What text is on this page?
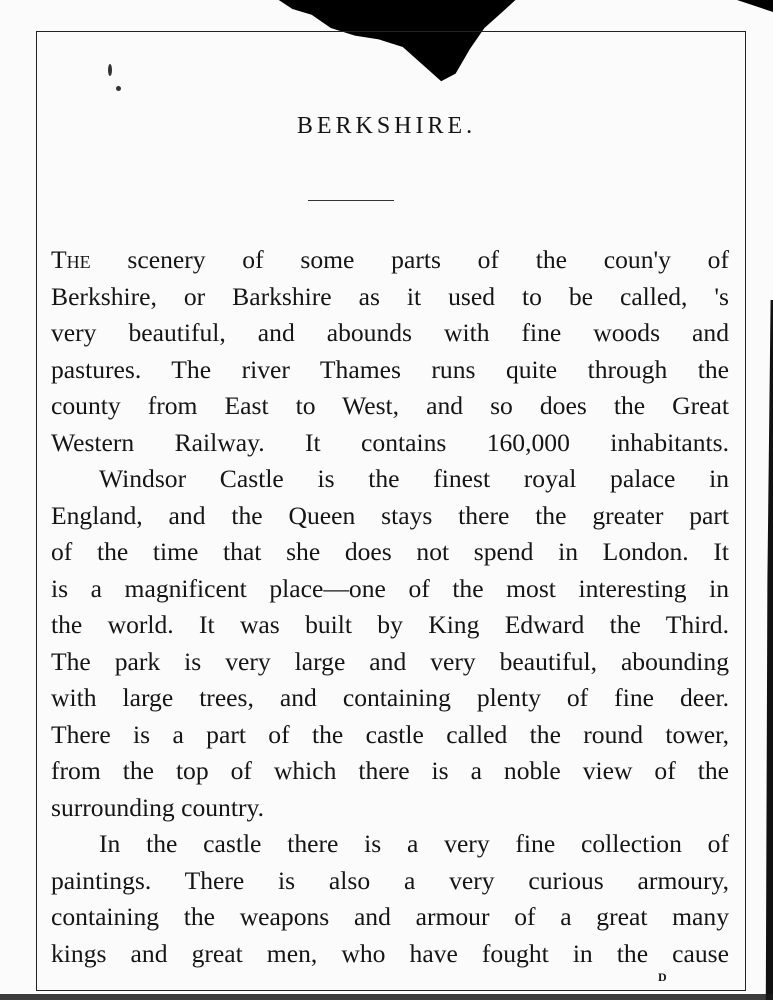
BERKSHIRE.
The scenery of some parts of the coun'y of
Berkshire, or Barkshire as it used to be called, 's
very beautiful, and abounds with fine woods and
pastures. The river Thames runs quite through the
county from East to West, and so does the Great
Western Railway. It contains 160,000 inhabitants.
Windsor Castle is the finest royal palace in
England, and the Queen stays there the greater part
of the time that she does not spend in London. It
is a magnificent place—one of the most interesting in
the world. It was built by King Edward the Third.
The park is very large and very beautiful, abounding
with large trees, and containing plenty of fine deer.
There is a part of the castle called the round tower,
from the top of which there is a noble view of the
surrounding country.
In the castle there is a very fine collection of
paintings. There is also a very curious armoury,
containing the weapons and armour of a great many
kings and great men, who have fought in the cause
D
